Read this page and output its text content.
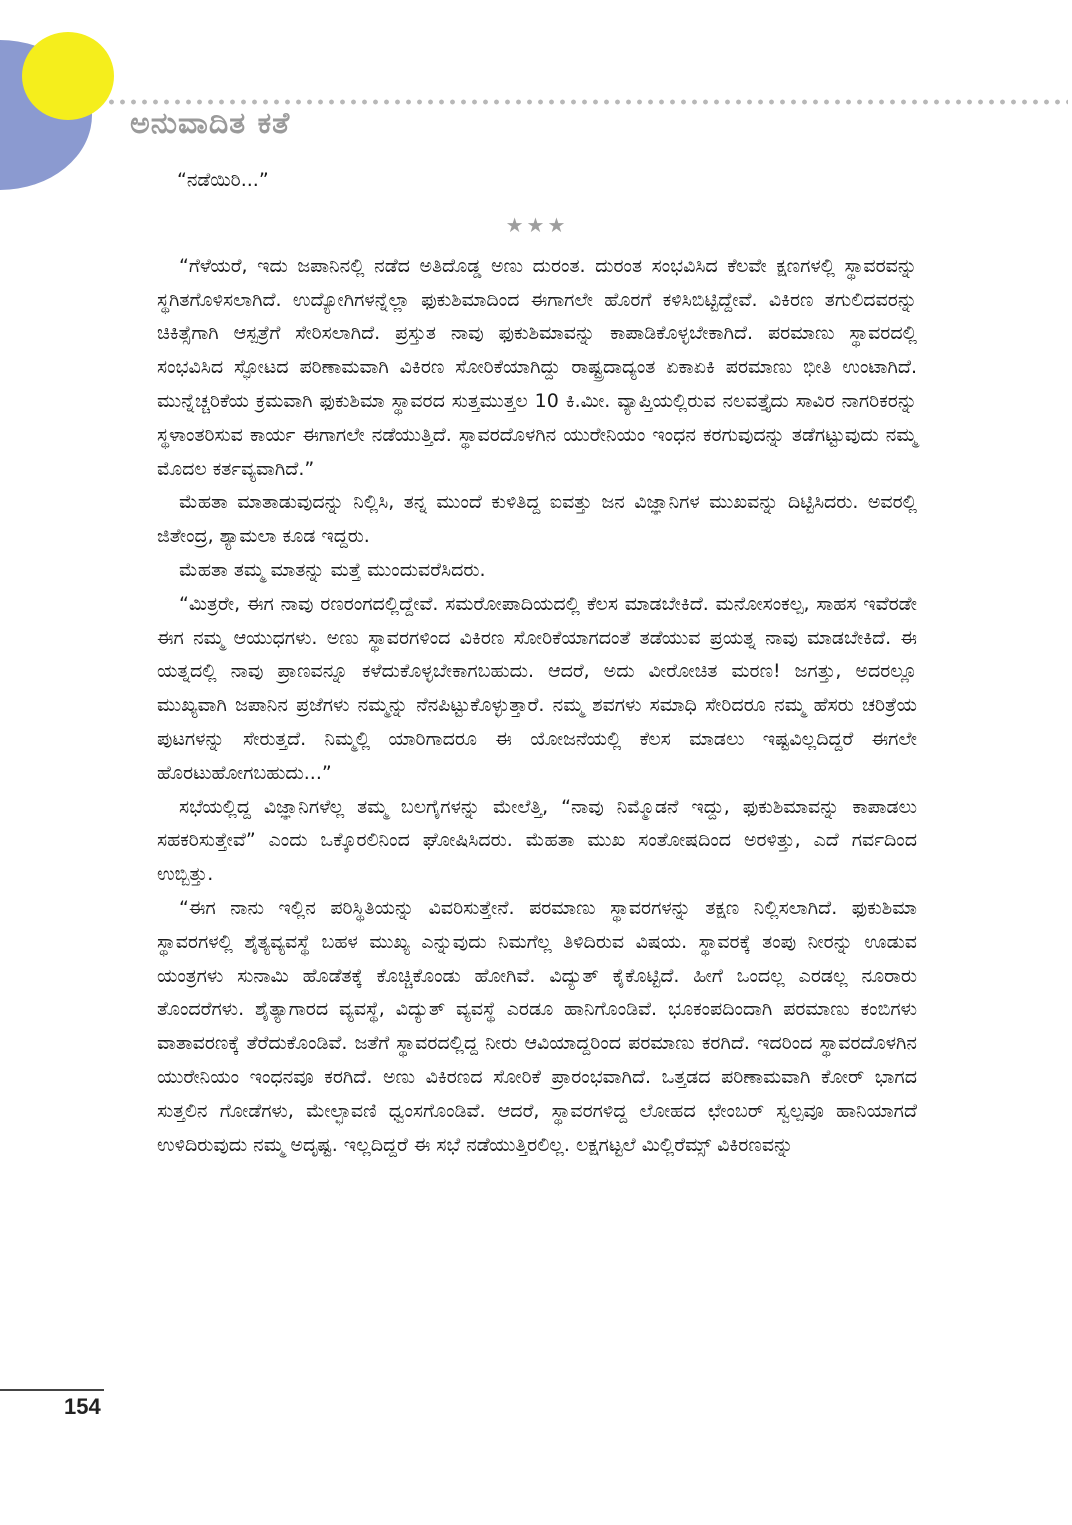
ಅನುವಾದಿತ ಕತೆ

“ನಡೆಯಿರಿ...”

★★★

“ಗೆಳೆಯರೆ, ಇದು ಜಪಾನಿನಲ್ಲಿ ನಡೆದ ಅತಿದೊಡ್ಡ ಅಣು ದುರಂತ. ದುರಂತ ಸಂಭವಿಸಿದ ಕೆಲವೇ ಕ್ಷಣಗಳಲ್ಲಿ ಸ್ಥಾವರವನ್ನು ಸ್ಥಗಿತಗೊಳಿಸಲಾಗಿದೆ. ಉದ್ಯೋಗಿಗಳನ್ನೆಲ್ಲಾ ಫುಕುಶಿಮಾದಿಂದ ಈಗಾಗಲೇ ಹೊರಗೆ ಕಳಿಸಿಬಿಟ್ಟಿದ್ದೇವೆ. ವಿಕಿರಣ ತಗುಲಿದವರನ್ನು ಚಿಕಿತ್ಸೆಗಾಗಿ ಆಸ್ಪತ್ರೆಗೆ ಸೇರಿಸಲಾಗಿದೆ. ಪ್ರಸ್ತುತ ನಾವು ಫುಕುಶಿಮಾವನ್ನು ಕಾಪಾಡಿಕೊಳ್ಳಬೇಕಾಗಿದೆ. ಪರಮಾಣು ಸ್ಥಾವರದಲ್ಲಿ ಸಂಭವಿಸಿದ ಸ್ಫೋಟದ ಪರಿಣಾಮವಾಗಿ ವಿಕಿರಣ ಸೋರಿಕೆಯಾಗಿದ್ದು ರಾಷ್ಟ್ರದಾದ್ಯಂತ ಏಕಾಏಕಿ ಪರಮಾಣು ಭೀತಿ ಉಂಟಾಗಿದೆ. ಮುನ್ನೆಚ್ಚರಿಕೆಯ ಕ್ರಮವಾಗಿ ಫುಕುಶಿಮಾ ಸ್ಥಾವರದ ಸುತ್ತಮುತ್ತಲ 10 ಕಿ.ಮೀ. ವ್ಯಾಪ್ತಿಯಲ್ಲಿರುವ ನಲವತ್ತೈದು ಸಾವಿರ ನಾಗರಿಕರನ್ನು ಸ್ಥಳಾಂತರಿಸುವ ಕಾರ್ಯ ಈಗಾಗಲೇ ನಡೆಯುತ್ತಿದೆ. ಸ್ಥಾವರದೊಳಗಿನ ಯುರೇನಿಯಂ ಇಂಧನ ಕರಗುವುದನ್ನು ತಡೆಗಟ್ಟುವುದು ನಮ್ಮ ಮೊದಲ ಕರ್ತವ್ಯವಾಗಿದೆ.”

ಮೆಹತಾ ಮಾತಾಡುವುದನ್ನು ನಿಲ್ಲಿಸಿ, ತನ್ನ ಮುಂದೆ ಕುಳಿತಿದ್ದ ಐವತ್ತು ಜನ ವಿಜ್ಞಾನಿಗಳ ಮುಖವನ್ನು ದಿಟ್ಟಿಸಿದರು. ಅವರಲ್ಲಿ ಜಿತೇಂದ್ರ, ಶ್ಯಾಮಲಾ ಕೂಡ ಇದ್ದರು.

ಮೆಹತಾ ತಮ್ಮ ಮಾತನ್ನು ಮತ್ತೆ ಮುಂದುವರೆಸಿದರು.

“ಮಿತ್ರರೇ, ಈಗ ನಾವು ರಣರಂಗದಲ್ಲಿದ್ದೇವೆ. ಸಮರೋಪಾದಿಯದಲ್ಲಿ ಕೆಲಸ ಮಾಡಬೇಕಿದೆ. ಮನೋಸಂಕಲ್ಪ, ಸಾಹಸ ಇವೆರಡೇ ಈಗ ನಮ್ಮ ಆಯುಧಗಳು. ಅಣು ಸ್ಥಾವರಗಳಿಂದ ವಿಕಿರಣ ಸೋರಿಕೆಯಾಗದಂತೆ ತಡೆಯುವ ಪ್ರಯತ್ನ ನಾವು ಮಾಡಬೇಕಿದೆ. ಈ ಯತ್ನದಲ್ಲಿ ನಾವು ಪ್ರಾಣವನ್ನೂ ಕಳೆದುಕೊಳ್ಳಬೇಕಾಗಬಹುದು. ಆದರೆ, ಅದು ವೀರೋಚಿತ ಮರಣ! ಜಗತ್ತು, ಅದರಲ್ಲೂ ಮುಖ್ಯವಾಗಿ ಜಪಾನಿನ ಪ್ರಜೆಗಳು ನಮ್ಮನ್ನು ನೆನಪಿಟ್ಟುಕೊಳ್ಳುತ್ತಾರೆ. ನಮ್ಮ ಶವಗಳು ಸಮಾಧಿ ಸೇರಿದರೂ ನಮ್ಮ ಹೆಸರು ಚರಿತ್ರೆಯ ಪುಟಗಳನ್ನು ಸೇರುತ್ತದೆ. ನಿಮ್ಮಲ್ಲಿ ಯಾರಿಗಾದರೂ ಈ ಯೋಜನೆಯಲ್ಲಿ ಕೆಲಸ ಮಾಡಲು ಇಷ್ಟವಿಲ್ಲದಿದ್ದರೆ ಈಗಲೇ ಹೊರಟುಹೋಗಬಹುದು...”

ಸಭೆಯಲ್ಲಿದ್ದ ವಿಜ್ಞಾನಿಗಳೆಲ್ಲ ತಮ್ಮ ಬಲಗೈಗಳನ್ನು ಮೇಲೆತ್ತಿ, “ನಾವು ನಿಮ್ಮೊಡನೆ ಇದ್ದು, ಫುಕುಶಿಮಾವನ್ನು ಕಾಪಾಡಲು ಸಹಕರಿಸುತ್ತೇವೆ” ಎಂದು ಒಕ್ಕೊರಲಿನಿಂದ ಘೋಷಿಸಿದರು. ಮೆಹತಾ ಮುಖ ಸಂತೋಷದಿಂದ ಅರಳಿತ್ತು, ಎದೆ ಗರ್ವದಿಂದ ಉಬ್ಬಿತ್ತು.

“ಈಗ ನಾನು ಇಲ್ಲಿನ ಪರಿಸ್ಥಿತಿಯನ್ನು ವಿವರಿಸುತ್ತೇನೆ. ಪರಮಾಣು ಸ್ಥಾವರಗಳನ್ನು ತಕ್ಷಣ ನಿಲ್ಲಿಸಲಾಗಿದೆ. ಫುಕುಶಿಮಾ ಸ್ಥಾವರಗಳಲ್ಲಿ ಶೈತ್ಯವ್ಯವಸ್ಥೆ ಬಹಳ ಮುಖ್ಯ ಎನ್ನುವುದು ನಿಮಗೆಲ್ಲ ತಿಳಿದಿರುವ ವಿಷಯ. ಸ್ಥಾವರಕ್ಕೆ ತಂಪು ನೀರನ್ನು ಊಡುವ ಯಂತ್ರಗಳು ಸುನಾಮಿ ಹೊಡೆತಕ್ಕೆ ಕೊಚ್ಚಿಕೊಂಡು ಹೋಗಿವೆ. ವಿದ್ಯುತ್ ಕೈಕೊಟ್ಟಿದೆ. ಹೀಗೆ ಒಂದಲ್ಲ ಎರಡಲ್ಲ ನೂರಾರು ತೊಂದರೆಗಳು. ಶೈತ್ಯಾಗಾರದ ವ್ಯವಸ್ಥೆ, ವಿದ್ಯುತ್ ವ್ಯವಸ್ಥೆ ಎರಡೂ ಹಾನಿಗೊಂಡಿವೆ. ಭೂಕಂಪದಿಂದಾಗಿ ಪರಮಾಣು ಕಂಬಿಗಳು ವಾತಾವರಣಕ್ಕೆ ತೆರೆದುಕೊಂಡಿವೆ. ಜತೆಗೆ ಸ್ಥಾವರದಲ್ಲಿದ್ದ ನೀರು ಆವಿಯಾದ್ದರಿಂದ ಪರಮಾಣು ಕರಗಿದೆ. ಇದರಿಂದ ಸ್ಥಾವರದೊಳಗಿನ ಯುರೇನಿಯಂ ಇಂಧನವೂ ಕರಗಿದೆ. ಅಣು ವಿಕಿರಣದ ಸೋರಿಕೆ ಪ್ರಾರಂಭವಾಗಿದೆ. ಒತ್ತಡದ ಪರಿಣಾಮವಾಗಿ ಕೋರ್ ಭಾಗದ ಸುತ್ತಲಿನ ಗೋಡೆಗಳು, ಮೇಲ್ಛಾವಣಿ ಧ್ವಂಸಗೊಂಡಿವೆ. ಆದರೆ, ಸ್ಥಾವರಗಳಿದ್ದ ಲೋಹದ ಛೇಂಬರ್ ಸ್ವಲ್ಪವೂ ಹಾನಿಯಾಗದೆ ಉಳಿದಿರುವುದು ನಮ್ಮ ಅದೃಷ್ಟ. ಇಲ್ಲದಿದ್ದರೆ ಈ ಸಭೆ ನಡೆಯುತ್ತಿರಲಿಲ್ಲ. ಲಕ್ಷಗಟ್ಟಲೆ ಮಿಲ್ಲಿರೆಮ್ಸ್ ವಿಕಿರಣವನ್ನು

154
